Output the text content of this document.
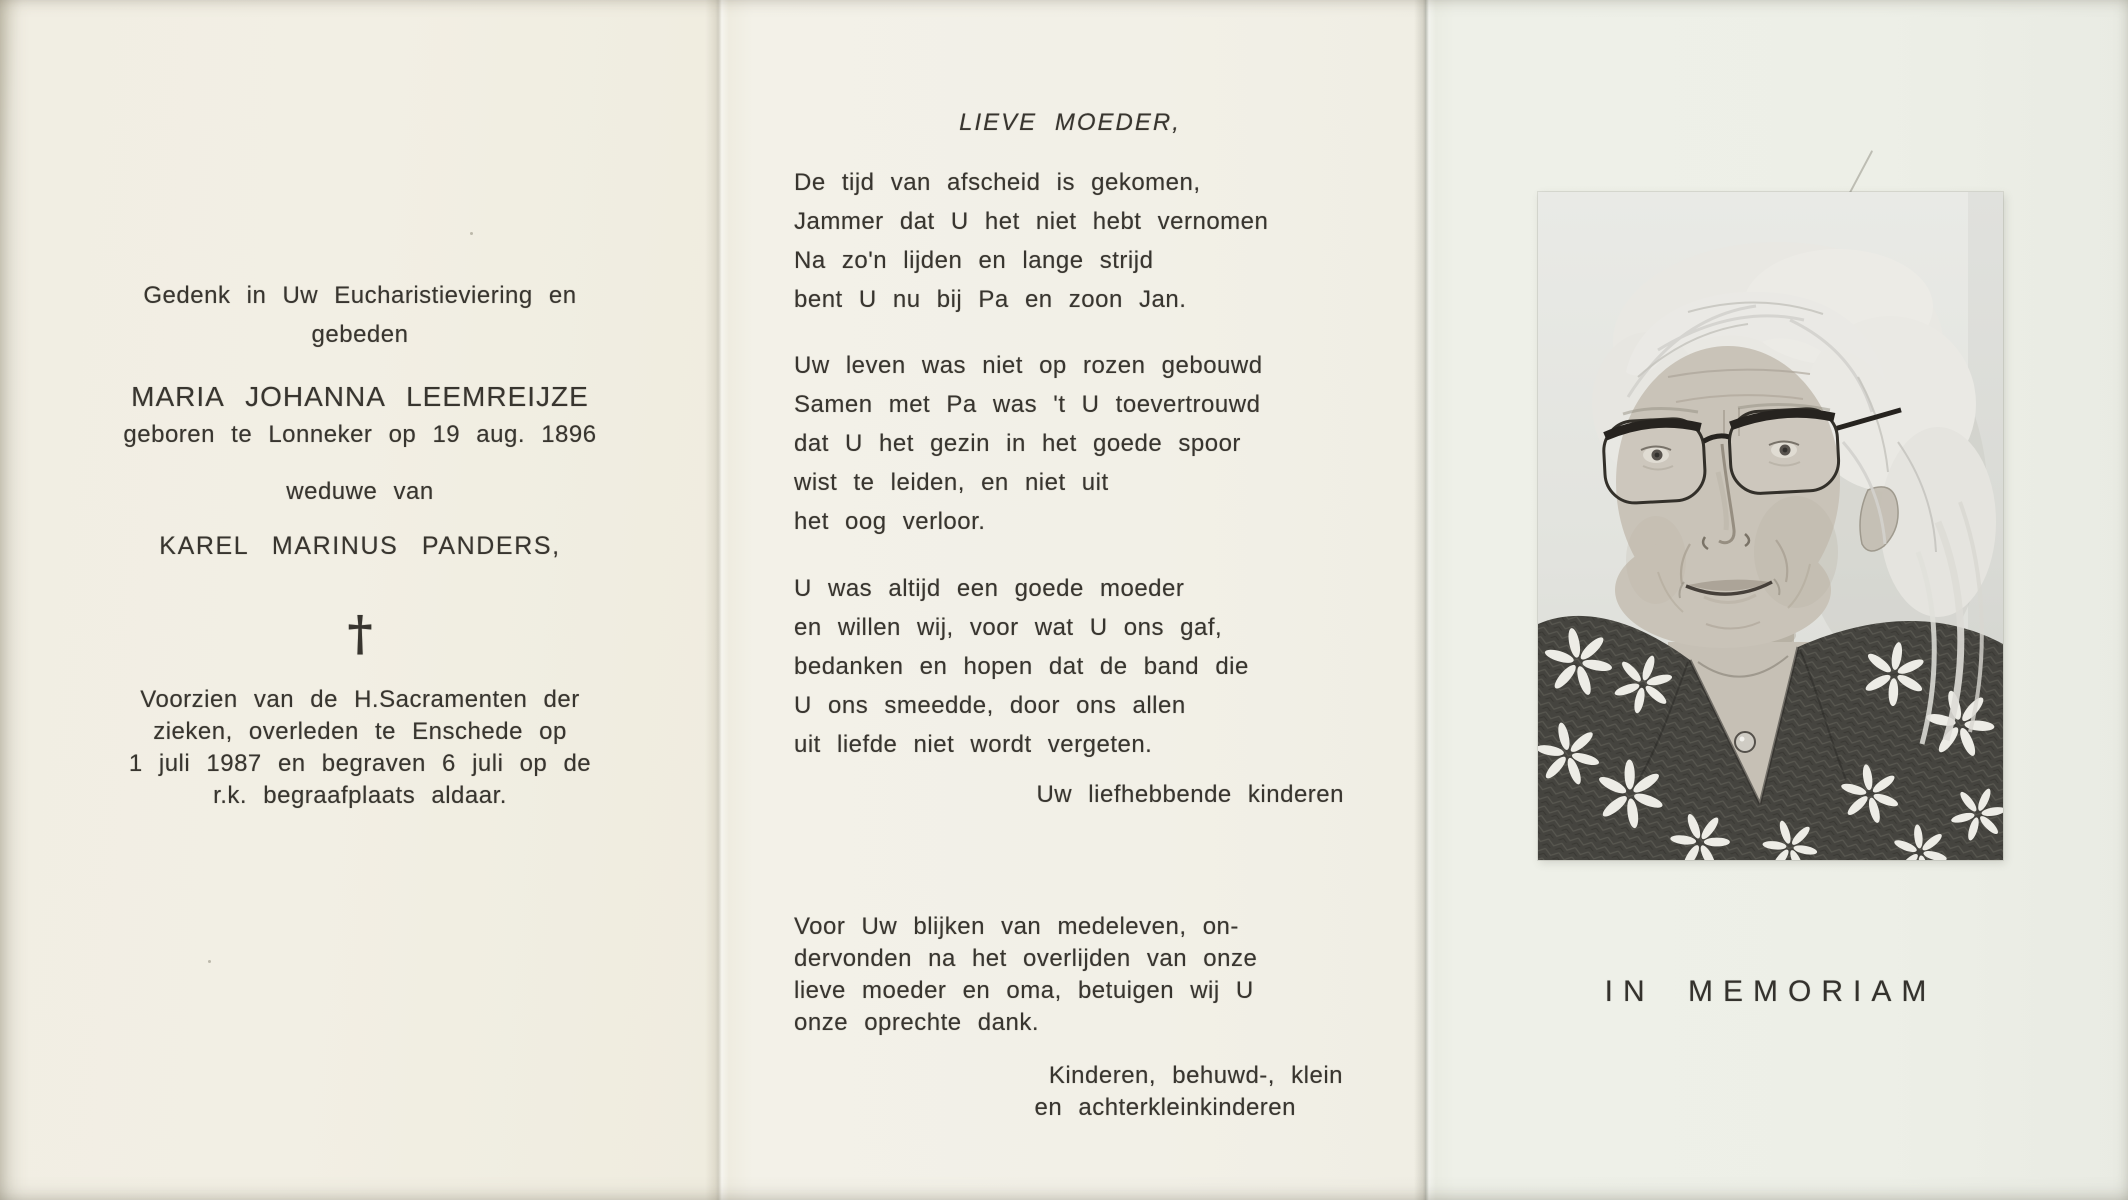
Gedenk in Uw Eucharistieviering en
gebeden
MARIA JOHANNA LEEMREIJZE
geboren te Lonneker op 19 aug. 1896
weduwe van
KAREL MARINUS PANDERS,
†
Voorzien van de H.Sacramenten der
zieken, overleden te Enschede op
1 juli 1987 en begraven 6 juli op de
r.k. begraafplaats aldaar.
LIEVE MOEDER,
De tijd van afscheid is gekomen,
Jammer dat U het niet hebt vernomen
Na zo'n lijden en lange strijd
bent U nu bij Pa en zoon Jan.
Uw leven was niet op rozen gebouwd
Samen met Pa was 't U toevertrouwd
dat U het gezin in het goede spoor
wist te leiden, en niet uit
het oog verloor.
U was altijd een goede moeder
en willen wij, voor wat U ons gaf,
bedanken en hopen dat de band die
U ons smeedde, door ons allen
uit liefde niet wordt vergeten.
Uw liefhebbende kinderen
Voor Uw blijken van medeleven, on-
dervonden na het overlijden van onze
lieve moeder en oma, betuigen wij U
onze oprechte dank.
Kinderen, behuwd-, klein
en achterkleinkinderen
IN MEMORIAM
